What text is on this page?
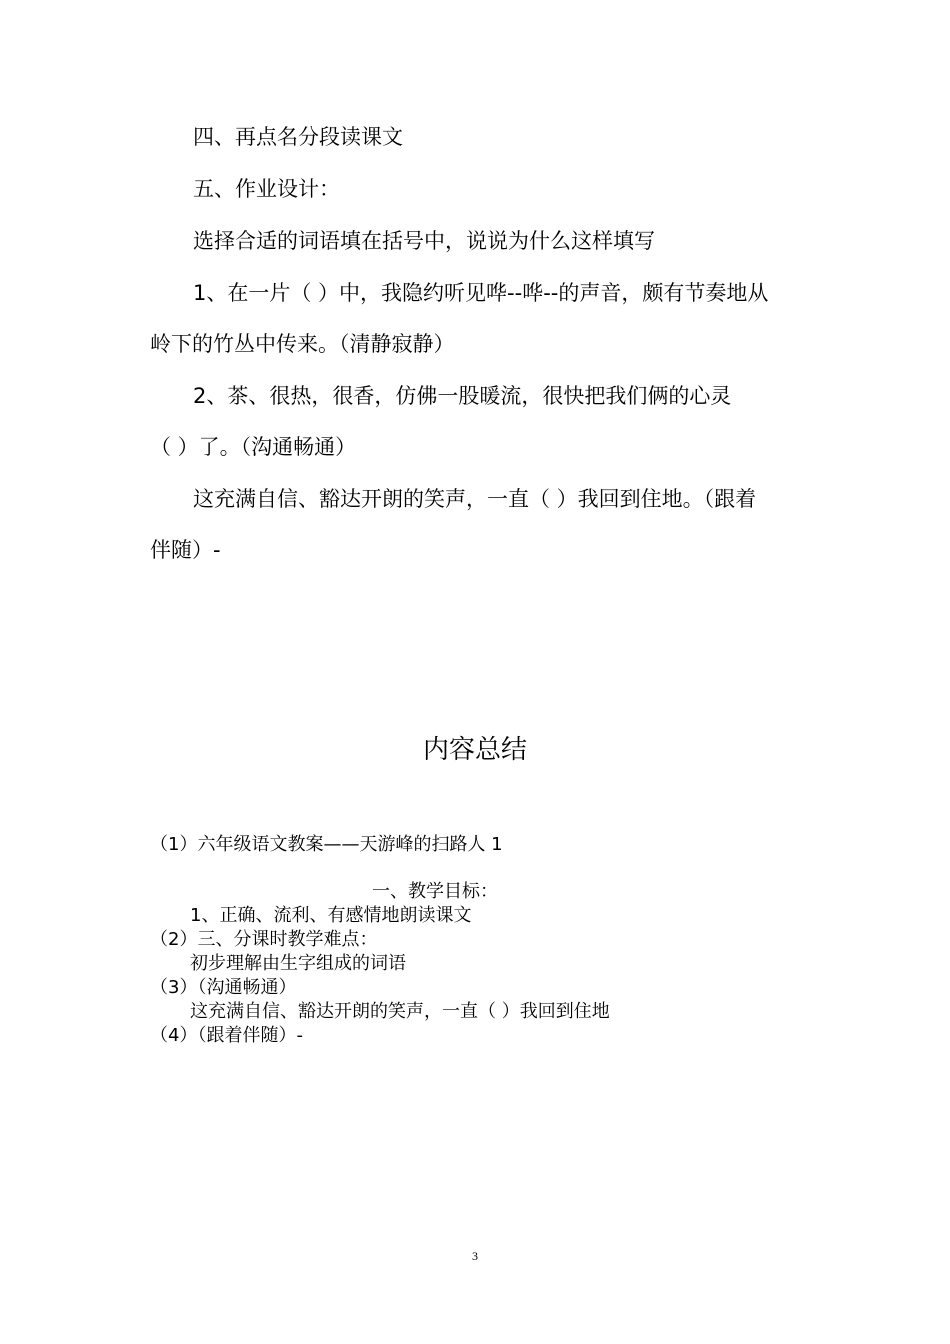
四、再点名分段读课文
五、作业设计：
选择合适的词语填在括号中，说说为什么这样填写
1、在一片（ ）中，我隐约听见哗--哗--的声音，颇有节奏地从
岭下的竹丛中传来。（清静寂静）
2、茶、很热，很香，仿佛一股暖流，很快把我们俩的心灵
（ ）了。（沟通畅通）
这充满自信、豁达开朗的笑声，一直（ ）我回到住地。（跟着
伴随）-
内容总结
（1）六年级语文教案——天游峰的扫路人 1
一、教学目标：
1、正确、流利、有感情地朗读课文
（2）三、分课时教学难点：
初步理解由生字组成的词语
（3）（沟通畅通）
这充满自信、豁达开朗的笑声，一直（ ）我回到住地
（4）（跟着伴随）-
3
